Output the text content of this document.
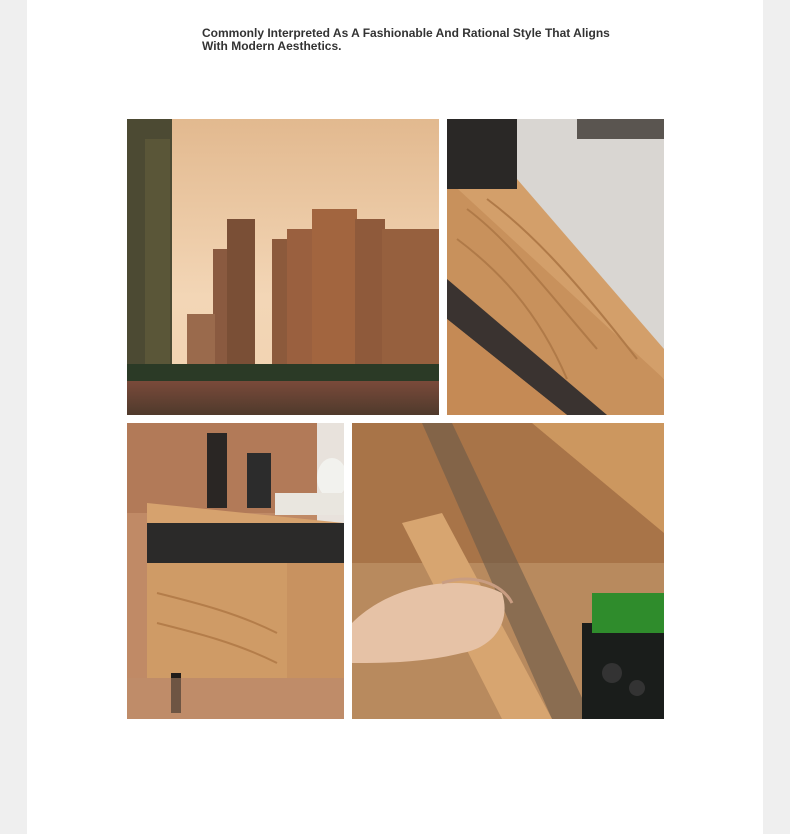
Commonly Interpreted As A Fashionable And Rational Style That Aligns
With Modern Aesthetics.
